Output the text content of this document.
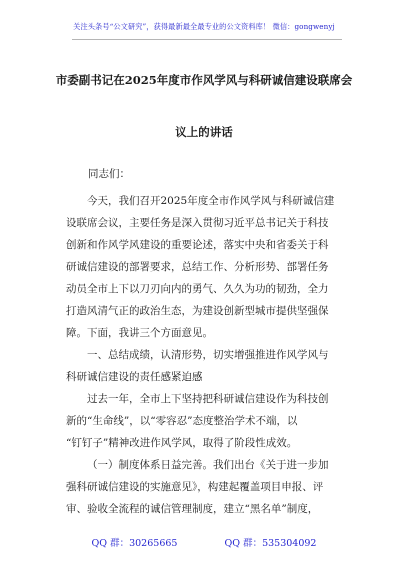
关注头条号“公文研究”，获得最新最全最专业的公文资料库！ 微信：gongwenyj
市委副书记在2025年度市作风学风与科研诚信建设联席会
议上的讲话
同志们：
今天，我们召开2025年度全市作风学风与科研诚信建
设联席会议，主要任务是深入贯彻习近平总书记关于科技
创新和作风学风建设的重要论述，落实中央和省委关于科
研诚信建设的部署要求，总结工作、分析形势、部署任务
动员全市上下以刀刃向内的勇气、久久为功的韧劲，全力
打造风清气正的政治生态，为建设创新型城市提供坚强保
障。下面，我讲三个方面意见。
一、总结成绩，认清形势，切实增强推进作风学风与
科研诚信建设的责任感紧迫感
过去一年，全市上下坚持把科研诚信建设作为科技创
新的“生命线”，以“零容忍”态度整治学术不端，以
“钉钉子”精神改进作风学风，取得了阶段性成效。
（一）制度体系日益完善。我们出台《关于进一步加
强科研诚信建设的实施意见》，构建起覆盖项目申报、评
审、验收全流程的诚信管理制度，建立“黑名单”制度，
QQ 群：30265665	QQ 群：535304092
